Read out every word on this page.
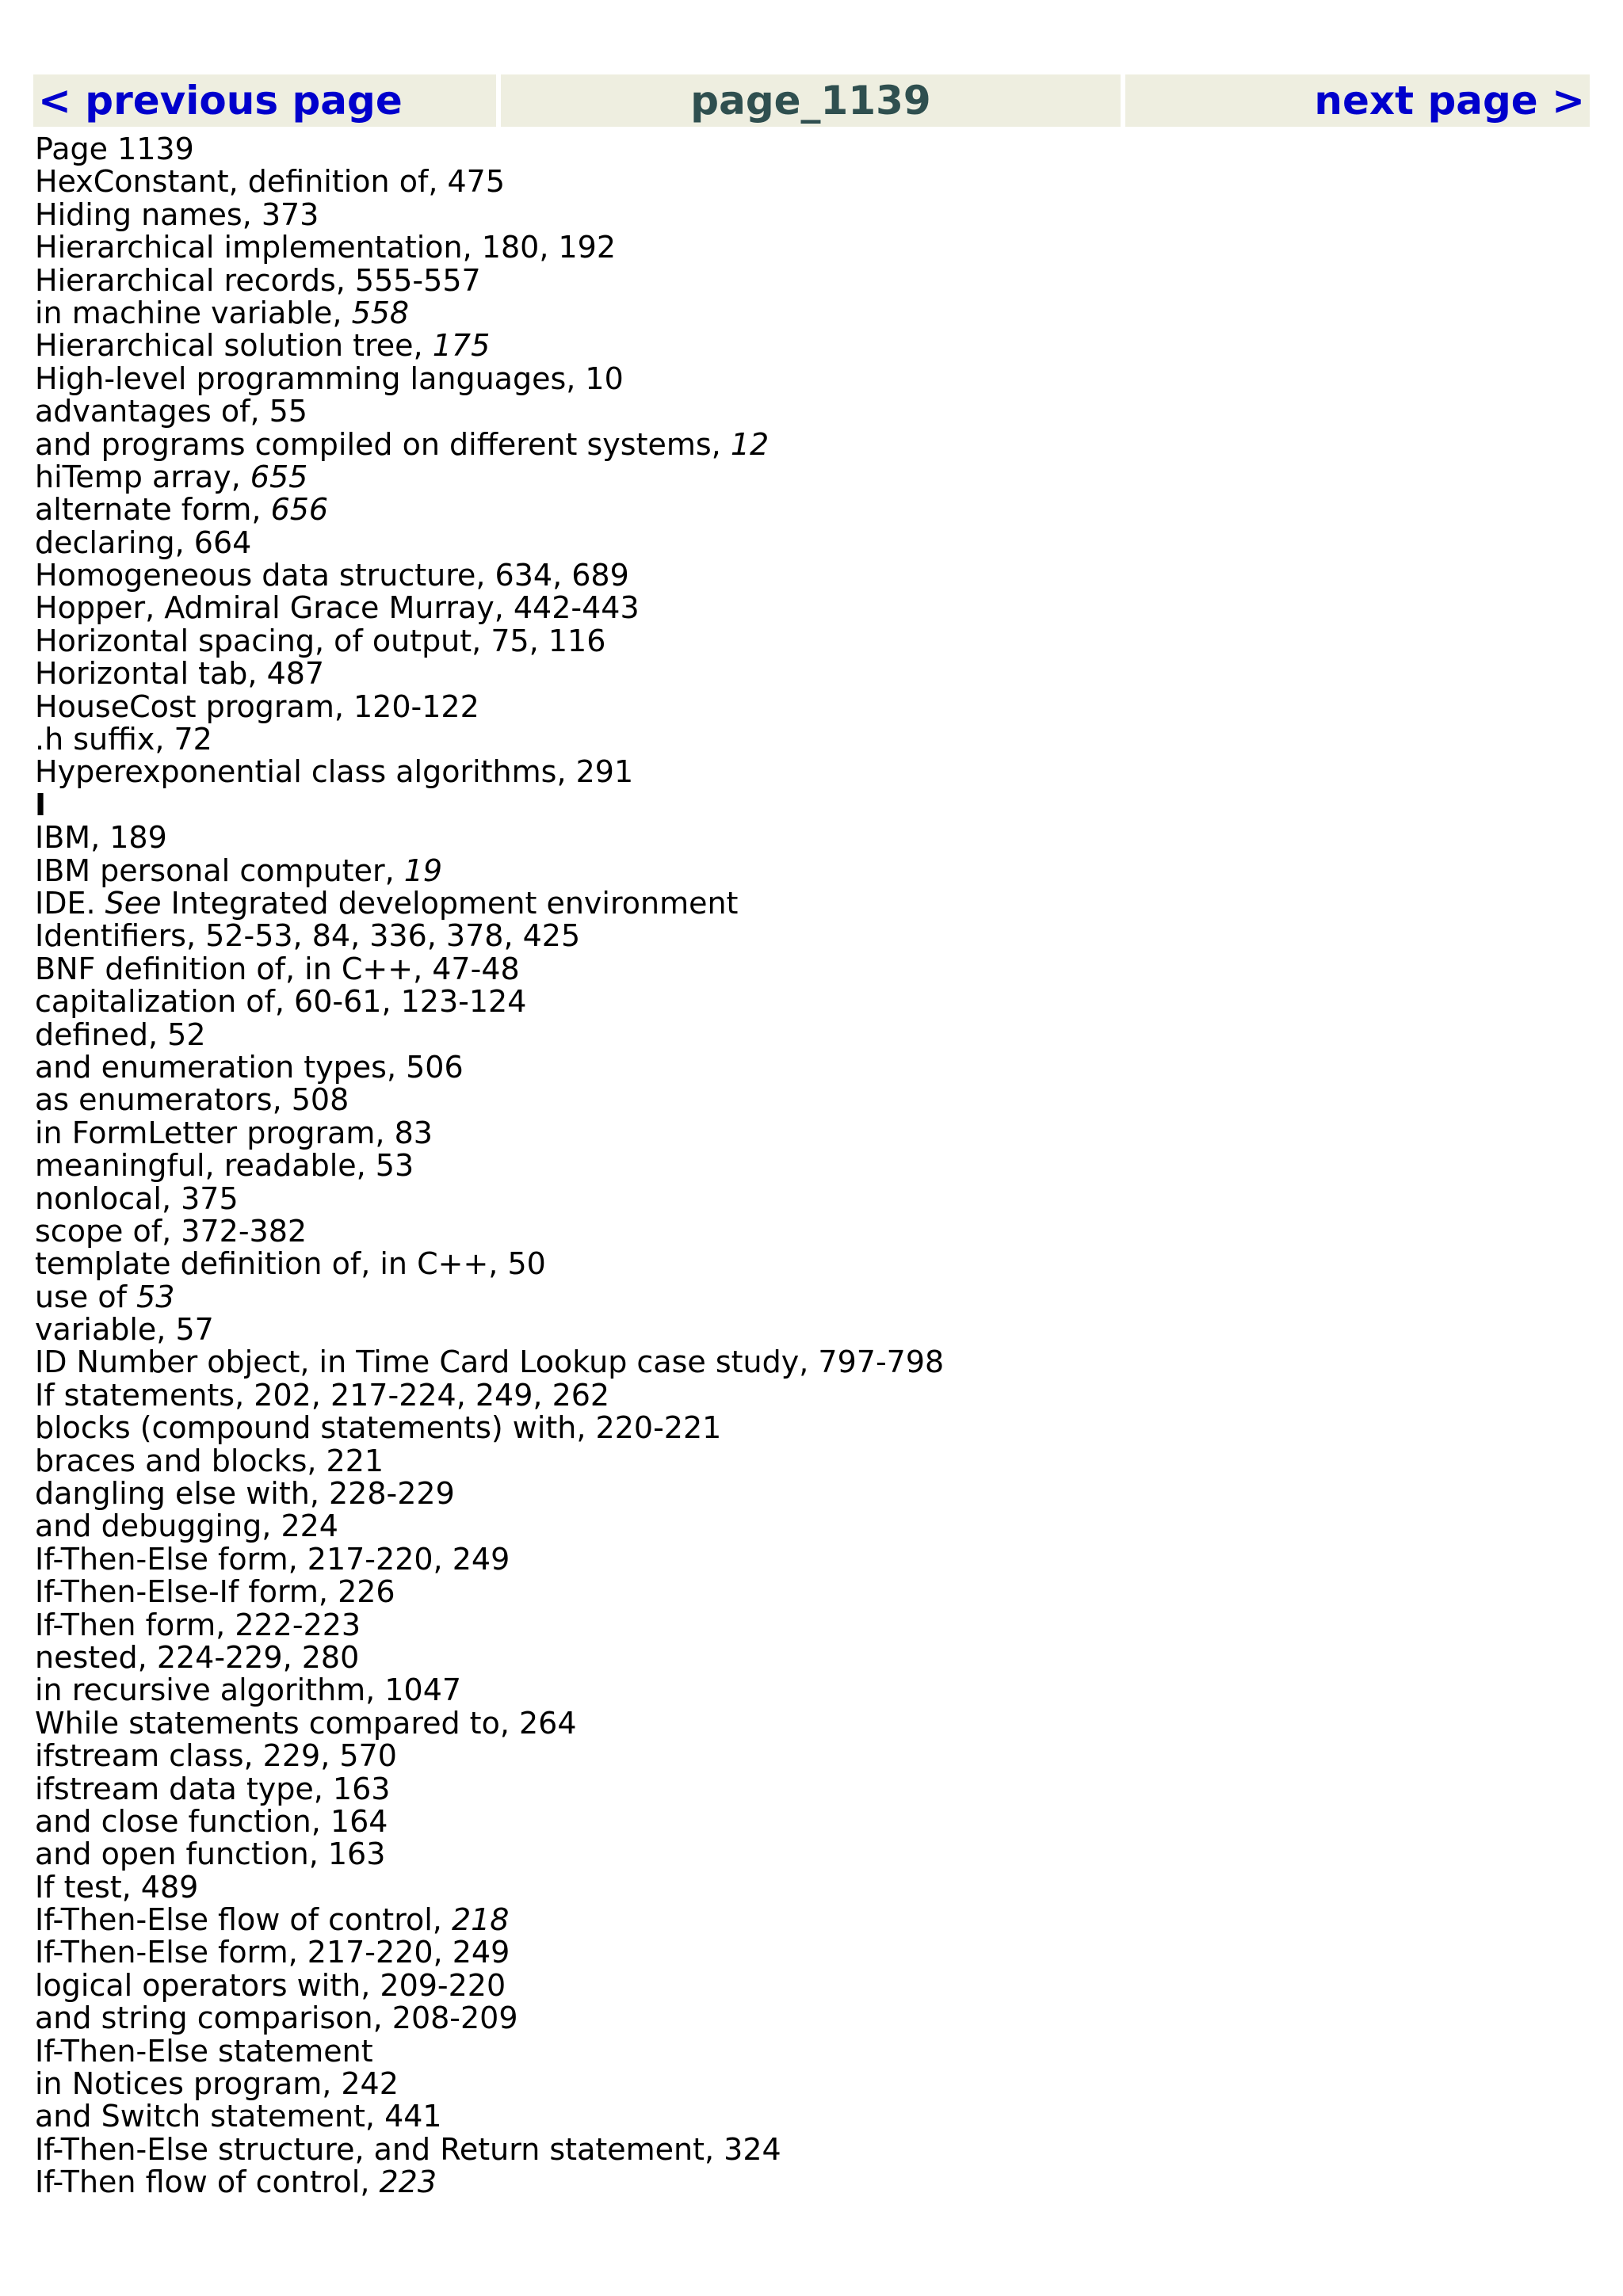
< previous page	page_1139	next page >
Page 1139
HexConstant, definition of, 475
Hiding names, 373
Hierarchical implementation, 180, 192
Hierarchical records, 555-557
in machine variable, 558
Hierarchical solution tree, 175
High-level programming languages, 10
advantages of, 55
and programs compiled on different systems, 12
hiTemp array, 655
alternate form, 656
declaring, 664
Homogeneous data structure, 634, 689
Hopper, Admiral Grace Murray, 442-443
Horizontal spacing, of output, 75, 116
Horizontal tab, 487
HouseCost program, 120-122
.h suffix, 72
Hyperexponential class algorithms, 291
I
IBM, 189
IBM personal computer, 19
IDE. See Integrated development environment
Identifiers, 52-53, 84, 336, 378, 425
BNF definition of, in C++, 47-48
capitalization of, 60-61, 123-124
defined, 52
and enumeration types, 506
as enumerators, 508
in FormLetter program, 83
meaningful, readable, 53
nonlocal, 375
scope of, 372-382
template definition of, in C++, 50
use of 53
variable, 57
ID Number object, in Time Card Lookup case study, 797-798
If statements, 202, 217-224, 249, 262
blocks (compound statements) with, 220-221
braces and blocks, 221
dangling else with, 228-229
and debugging, 224
If-Then-Else form, 217-220, 249
If-Then-Else-If form, 226
If-Then form, 222-223
nested, 224-229, 280
in recursive algorithm, 1047
While statements compared to, 264
ifstream class, 229, 570
ifstream data type, 163
and close function, 164
and open function, 163
If test, 489
If-Then-Else flow of control, 218
If-Then-Else form, 217-220, 249
logical operators with, 209-220
and string comparison, 208-209
If-Then-Else statement
in Notices program, 242
and Switch statement, 441
If-Then-Else structure, and Return statement, 324
If-Then flow of control, 223
